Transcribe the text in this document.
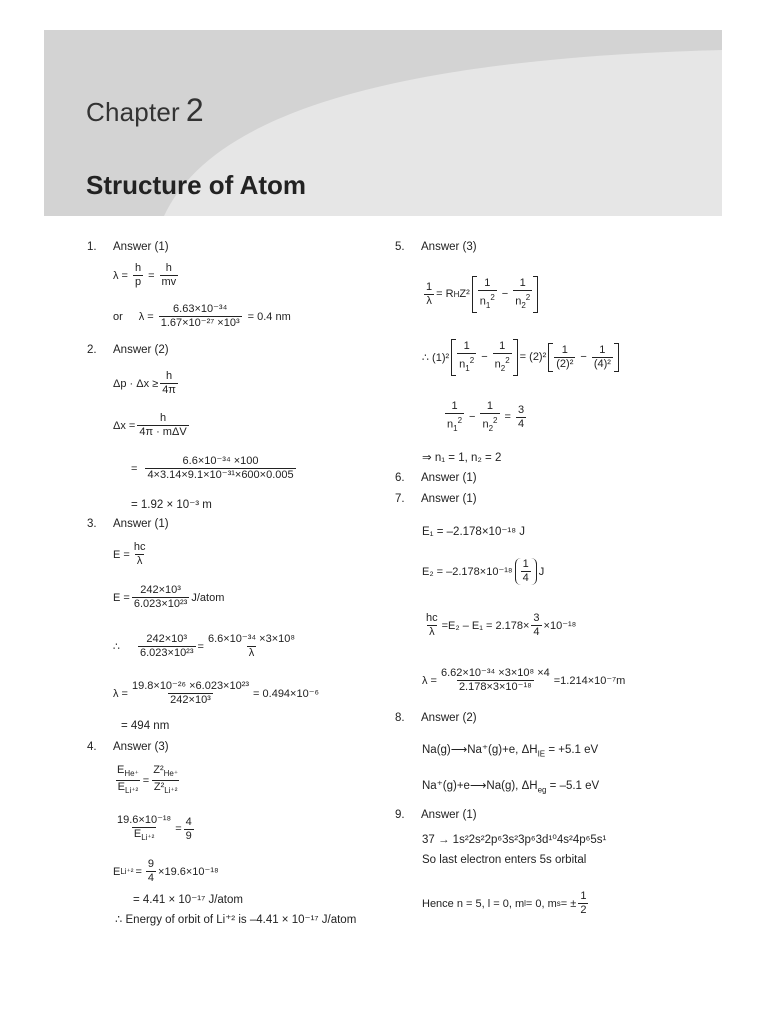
Chapter 2
Structure of Atom
1. Answer (1)
$\lambda = \frac{h}{p} = \frac{h}{mv}$
or $\lambda = \frac{\text{6.63×10⁻³⁴}}{\text{1.67×10⁻²⁷ ×10³}} = 0.4$ nm
2. Answer (2)
$\Delta p \cdot \Delta x \ge \frac{h}{4\pi}$
$\Delta x = \frac{h}{\text{4π · mΔV}}$
= $\frac{\text{6.6×10⁻³⁴ ×100}}{\text{4×3.14×9.1×10⁻³¹×600×0.005}}$
= 1.92 × 10⁻³ m
3. Answer (1)
$E = \frac{hc}{\lambda}$
$E = \frac{\text{242×10³}}{\text{6.023×10²³}}$ J/atom
∴ $\frac{\text{242×10³}}{\text{6.023×10²³}} = \frac{\text{6.6×10⁻³⁴ ×3×10⁸}}{\lambda}$
$\lambda = \frac{\text{19.8×10⁻²⁶ ×6.023×10²³}}{\text{242×10³}} = 0.494\times 10^{-6}$
= 494 nm
4. Answer (3)
$\frac{E_{He^+}}{E_{Li^{+2}}} = \frac{Z^2_{He^+}}{Z^2_{Li^{+2}}}$
$\frac{\text{19.6×10⁻¹⁸}}{E_{Li^{+2}}} = \frac{4}{9}$
E $Li^{+2} = \frac{9}{4} \times 19.6\times 10^{-18}$
= 4.41 × 10⁻¹⁷ J/atom
∴ Energy of orbit of Li⁺² is –4.41 × 10⁻¹⁷ J/atom
5. Answer (3)
$\frac{1}{\lambda} = R$ H $Z^2 \frac{1}{n_1^2} - \frac{1}{n_2^2}$
∴ $(1)^2 \frac{1}{n_1^2} - \frac{1}{n_2^2} = (2)^2 \frac{1}{\text{(2)²}} - \frac{1}{\text{(4)²}}$
$\frac{1}{n_1^2} - \frac{1}{n_2^2} = \frac{3}{4}$
⇒ n₁ = 1, n₂ = 2
6. Answer (1)
7. Answer (1)
E₁ = –2.178×10⁻¹⁸ J
$E_2 = -2.178\times 10^{-18} \frac{1}{4}$ J
$\frac{hc}{\lambda} =E_2 - E_1 = 2.178\times \frac{3}{4} \times 10^{-18}$
$\lambda = \frac{\text{6.62×10⁻³⁴ ×3×10⁸ ×4}}{\text{2.178×3×10⁻¹⁸}} =1.214\times 10^{-7}m$
8. Answer (2)
Na(g)⟶Na⁺(g)+e, $\Delta H_{IE} = +5.1$ eV
Na⁺(g)+e⟶Na(g), $\Delta H_{eg} = -5.1$ eV
9. Answer (1)
37 → 1s²2s²2p⁶3s²3p⁶3d¹⁰4s²4p⁶5s¹
So last electron enters 5s orbital
Hence n = 5, l = 0, m l = 0, m s = ± $\frac{1}{2}$
